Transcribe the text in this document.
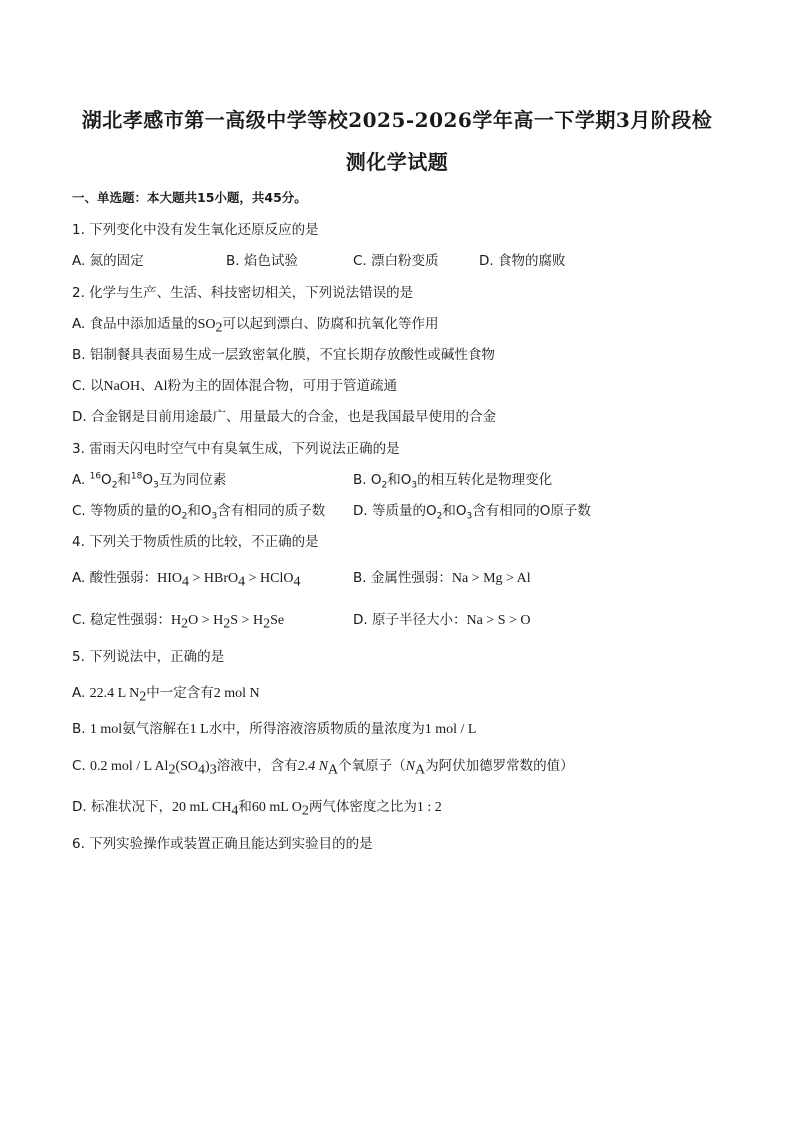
湖北孝感市第一高级中学等校2025-2026学年高一下学期3月阶段检
测化学试题
一、单选题：本大题共15小题，共45分。
1. 下列变化中没有发生氧化还原反应的是
A. 氮的固定	B. 焰色试验	C. 漂白粉变质	D. 食物的腐败
2. 化学与生产、生活、科技密切相关，下列说法错误的是
A. 食品中添加适量的$SO_2$可以起到漂白、防腐和抗氧化等作用
B. 铝制餐具表面易生成一层致密氧化膜，不宜长期存放酸性或碱性食物
C. 以NaOH、Al粉为主的固体混合物，可用于管道疏通
D. 合金钢是目前用途最广、用量最大的合金，也是我国最早使用的合金
3. 雷雨天闪电时空气中有臭氧生成，下列说法正确的是
A. $^{16}O_2$和$^{18}O_3$互为同位素	B. $O_2$和$O_3$的相互转化是物理变化
C. 等物质的量的$O_2$和$O_3$含有相同的质子数 D. 等质量的$O_2$和$O_3$含有相同的O原子数
4. 下列关于物质性质的比较，不正确的是
A. 酸性强弱：$HIO_4$ > HBrO$_4$ > HClO$_4$	B. 金属性强弱：Na > Mg > Al
C. 稳定性强弱：$H_2O > H_2S > H_2Se$	D. 原子半径大小：Na > S > O
5. 下列说法中，正确的是
A. 22.4 L $N_2$中一定含有2 mol N
B. 1 mol氨气溶解在1 L水中，所得溶液溶质物质的量浓度为1 mol / L
C. 0.2 mol / L $Al_2(SO_4)_3$溶液中，含有2.4 $N_A$个氧原子（$N_A$为阿伏加德罗常数的值）
D. 标准状况下，20 mL $CH_4$和60 mL $O_2$两气体密度之比为1 : 2
6. 下列实验操作或装置正确且能达到实验目的的是
